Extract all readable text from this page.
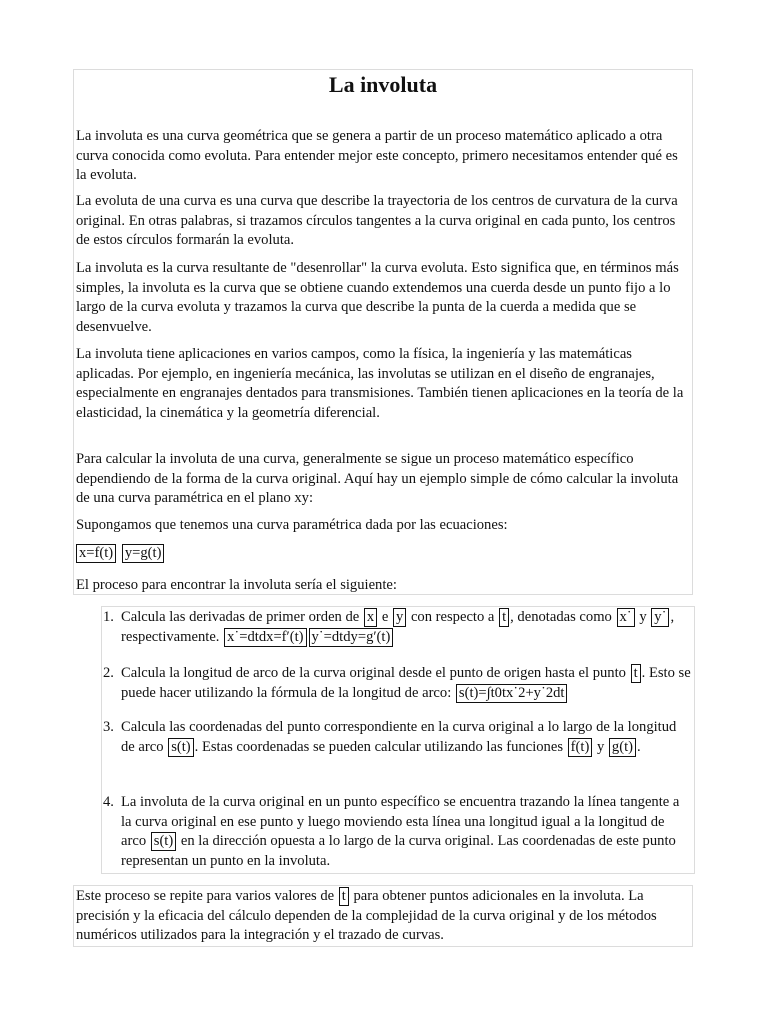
La involuta

La involuta es una curva geométrica que se genera a partir de un proceso matemático aplicado a otra curva conocida como evoluta. Para entender mejor este concepto, primero necesitamos entender qué es la evoluta.

La evoluta de una curva es una curva que describe la trayectoria de los centros de curvatura de la curva original. En otras palabras, si trazamos círculos tangentes a la curva original en cada punto, los centros de estos círculos formarán la evoluta.

La involuta es la curva resultante de "desenrollar" la curva evoluta. Esto significa que, en términos más simples, la involuta es la curva que se obtiene cuando extendemos una cuerda desde un punto fijo a lo largo de la curva evoluta y trazamos la curva que describe la punta de la cuerda a medida que se desenvuelve.

La involuta tiene aplicaciones en varios campos, como la física, la ingeniería y las matemáticas aplicadas. Por ejemplo, en ingeniería mecánica, las involutas se utilizan en el diseño de engranajes, especialmente en engranajes dentados para transmisiones. También tienen aplicaciones en la teoría de la elasticidad, la cinemática y la geometría diferencial.

Para calcular la involuta de una curva, generalmente se sigue un proceso matemático específico dependiendo de la forma de la curva original. Aquí hay un ejemplo simple de cómo calcular la involuta de una curva paramétrica en el plano xy:

Supongamos que tenemos una curva paramétrica dada por las ecuaciones:

x=f(t) y=g(t)

El proceso para encontrar la involuta sería el siguiente:

1. Calcula las derivadas de primer orden de x e y con respecto a t , denotadas como x˙ y y˙ , respectivamente. x˙=dtdx=f′(t) y˙=dtdy=g′(t)
2. Calcula la longitud de arco de la curva original desde el punto de origen hasta el punto t . Esto se puede hacer utilizando la fórmula de la longitud de arco: s(t)=∫t0tx˙2+y˙2dt
3. Calcula las coordenadas del punto correspondiente en la curva original a lo largo de la longitud de arco s(t) . Estas coordenadas se pueden calcular utilizando las funciones f(t) y g(t) .
4. La involuta de la curva original en un punto específico se encuentra trazando la línea tangente a la curva original en ese punto y luego moviendo esta línea una longitud igual a la longitud de arco s(t) en la dirección opuesta a lo largo de la curva original. Las coordenadas de este punto representan un punto en la involuta.

Este proceso se repite para varios valores de t para obtener puntos adicionales en la involuta. La precisión y la eficacia del cálculo dependen de la complejidad de la curva original y de los métodos numéricos utilizados para la integración y el trazado de curvas.
